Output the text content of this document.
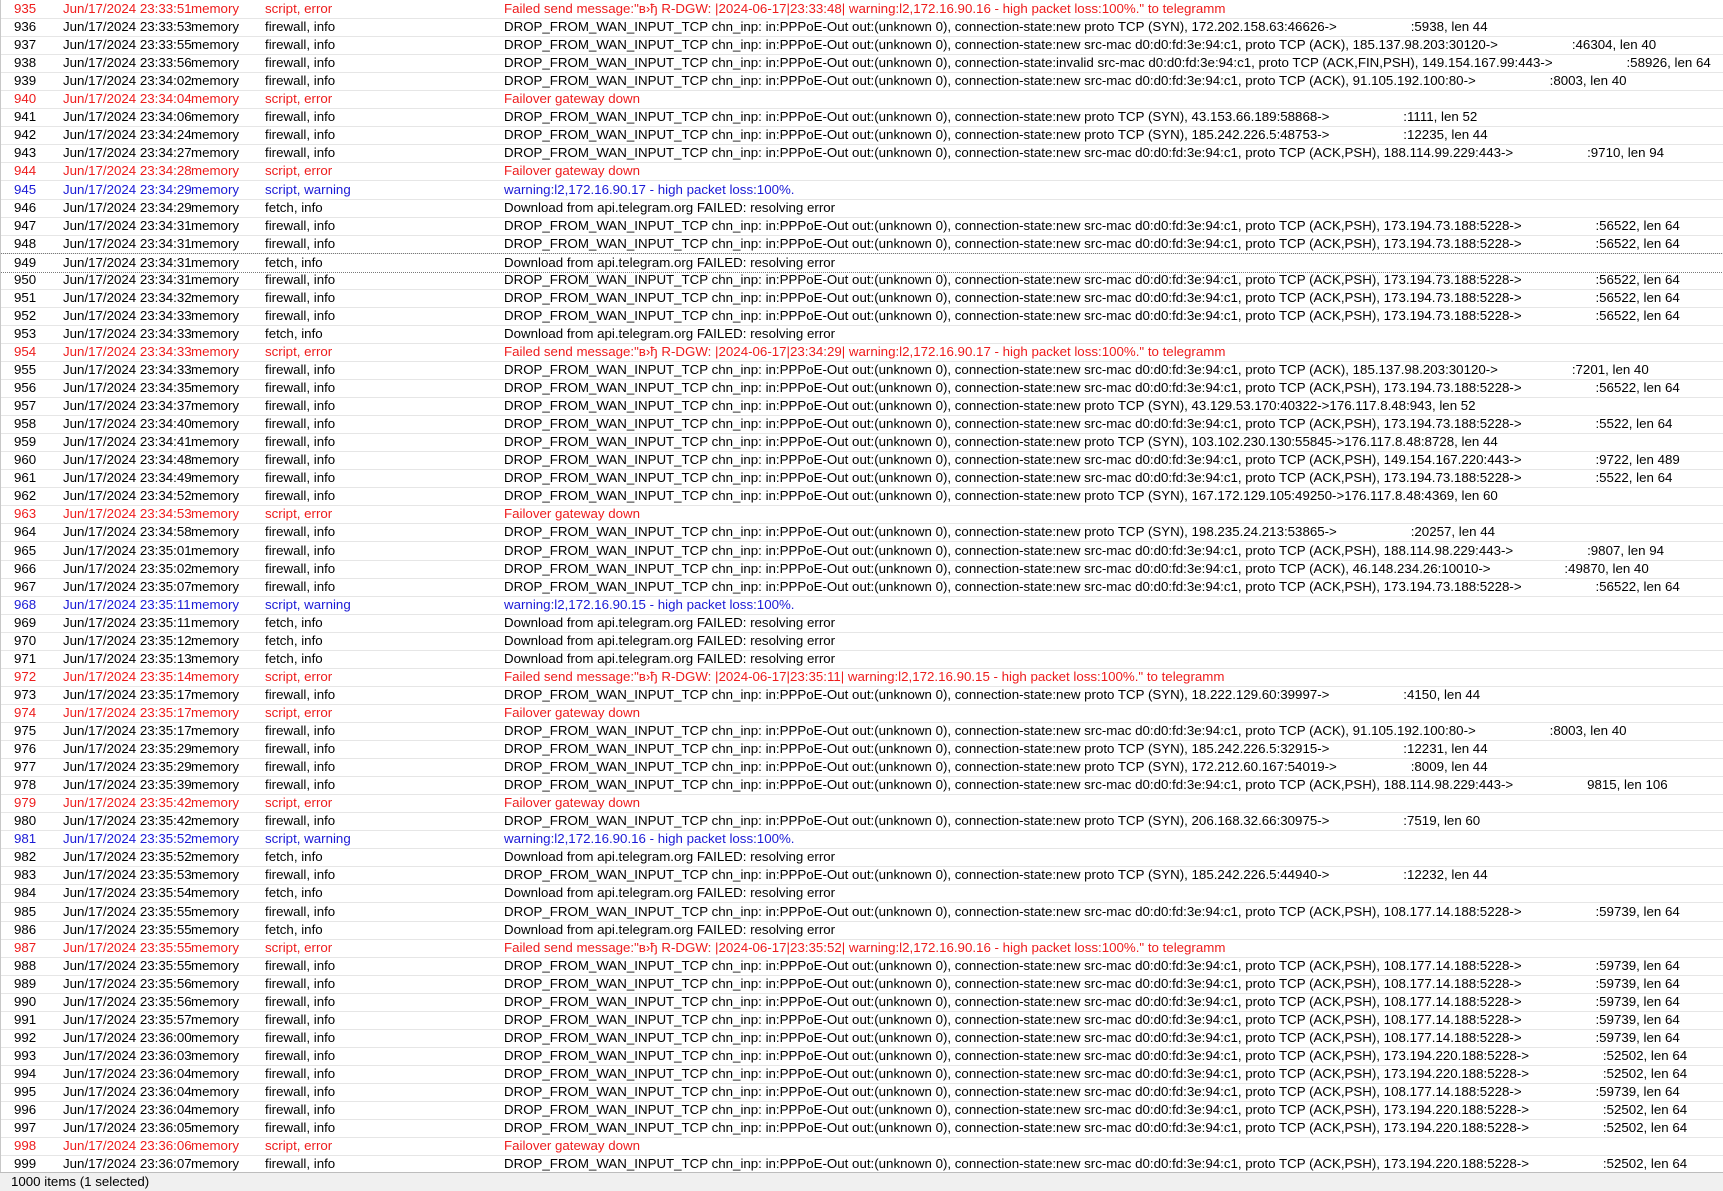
935	Jun/17/2024 23:33:51 memory	script, error	Failed send message:"в›ђ R-DGW: |2024-06-17|23:33:48| warning:l2,172.16.90.16 - high packet loss:100%." to telegramm
936	Jun/17/2024 23:33:53 memory	firewall, info	DROP_FROM_WAN_INPUT_TCP chn_inp: in:PPPoE-Out out:(unknown 0), connection-state:new proto TCP (SYN), 172.202.158.63:46626->                    :5938, len 44
937	Jun/17/2024 23:33:55 memory	firewall, info	DROP_FROM_WAN_INPUT_TCP chn_inp: in:PPPoE-Out out:(unknown 0), connection-state:new src-mac d0:d0:fd:3e:94:c1, proto TCP (ACK), 185.137.98.203:30120->                    :46304, len 40
938	Jun/17/2024 23:33:56 memory	firewall, info	DROP_FROM_WAN_INPUT_TCP chn_inp: in:PPPoE-Out out:(unknown 0), connection-state:invalid src-mac d0:d0:fd:3e:94:c1, proto TCP (ACK,FIN,PSH), 149.154.167.99:443->                    :58926, len 64
939	Jun/17/2024 23:34:02 memory	firewall, info	DROP_FROM_WAN_INPUT_TCP chn_inp: in:PPPoE-Out out:(unknown 0), connection-state:new src-mac d0:d0:fd:3e:94:c1, proto TCP (ACK), 91.105.192.100:80->                    :8003, len 40
940	Jun/17/2024 23:34:04 memory	script, error	Failover gateway down
941	Jun/17/2024 23:34:06 memory	firewall, info	DROP_FROM_WAN_INPUT_TCP chn_inp: in:PPPoE-Out out:(unknown 0), connection-state:new proto TCP (SYN), 43.153.66.189:58868->                    :1111, len 52
942	Jun/17/2024 23:34:24 memory	firewall, info	DROP_FROM_WAN_INPUT_TCP chn_inp: in:PPPoE-Out out:(unknown 0), connection-state:new proto TCP (SYN), 185.242.226.5:48753->                    :12235, len 44
943	Jun/17/2024 23:34:27 memory	firewall, info	DROP_FROM_WAN_INPUT_TCP chn_inp: in:PPPoE-Out out:(unknown 0), connection-state:new src-mac d0:d0:fd:3e:94:c1, proto TCP (ACK,PSH), 188.114.99.229:443->                    :9710, len 94
944	Jun/17/2024 23:34:28 memory	script, error	Failover gateway down
945	Jun/17/2024 23:34:29 memory	script, warning	warning:l2,172.16.90.17 - high packet loss:100%.
946	Jun/17/2024 23:34:29 memory	fetch, info	Download from api.telegram.org FAILED: resolving error
947	Jun/17/2024 23:34:31 memory	firewall, info	DROP_FROM_WAN_INPUT_TCP chn_inp: in:PPPoE-Out out:(unknown 0), connection-state:new src-mac d0:d0:fd:3e:94:c1, proto TCP (ACK,PSH), 173.194.73.188:5228->                    :56522, len 64
948	Jun/17/2024 23:34:31 memory	firewall, info	DROP_FROM_WAN_INPUT_TCP chn_inp: in:PPPoE-Out out:(unknown 0), connection-state:new src-mac d0:d0:fd:3e:94:c1, proto TCP (ACK,PSH), 173.194.73.188:5228->                    :56522, len 64
949	Jun/17/2024 23:34:31 memory	fetch, info	Download from api.telegram.org FAILED: resolving error
950	Jun/17/2024 23:34:31 memory	firewall, info	DROP_FROM_WAN_INPUT_TCP chn_inp: in:PPPoE-Out out:(unknown 0), connection-state:new src-mac d0:d0:fd:3e:94:c1, proto TCP (ACK,PSH), 173.194.73.188:5228->                    :56522, len 64
951	Jun/17/2024 23:34:32 memory	firewall, info	DROP_FROM_WAN_INPUT_TCP chn_inp: in:PPPoE-Out out:(unknown 0), connection-state:new src-mac d0:d0:fd:3e:94:c1, proto TCP (ACK,PSH), 173.194.73.188:5228->                    :56522, len 64
952	Jun/17/2024 23:34:33 memory	firewall, info	DROP_FROM_WAN_INPUT_TCP chn_inp: in:PPPoE-Out out:(unknown 0), connection-state:new src-mac d0:d0:fd:3e:94:c1, proto TCP (ACK,PSH), 173.194.73.188:5228->                    :56522, len 64
953	Jun/17/2024 23:34:33 memory	fetch, info	Download from api.telegram.org FAILED: resolving error
954	Jun/17/2024 23:34:33 memory	script, error	Failed send message:"в›ђ R-DGW: |2024-06-17|23:34:29| warning:l2,172.16.90.17 - high packet loss:100%." to telegramm
955	Jun/17/2024 23:34:33 memory	firewall, info	DROP_FROM_WAN_INPUT_TCP chn_inp: in:PPPoE-Out out:(unknown 0), connection-state:new src-mac d0:d0:fd:3e:94:c1, proto TCP (ACK), 185.137.98.203:30120->                    :7201, len 40
956	Jun/17/2024 23:34:35 memory	firewall, info	DROP_FROM_WAN_INPUT_TCP chn_inp: in:PPPoE-Out out:(unknown 0), connection-state:new src-mac d0:d0:fd:3e:94:c1, proto TCP (ACK,PSH), 173.194.73.188:5228->                    :56522, len 64
957	Jun/17/2024 23:34:37 memory	firewall, info	DROP_FROM_WAN_INPUT_TCP chn_inp: in:PPPoE-Out out:(unknown 0), connection-state:new proto TCP (SYN), 43.129.53.170:40322->176.117.8.48:943, len 52
958	Jun/17/2024 23:34:40 memory	firewall, info	DROP_FROM_WAN_INPUT_TCP chn_inp: in:PPPoE-Out out:(unknown 0), connection-state:new src-mac d0:d0:fd:3e:94:c1, proto TCP (ACK,PSH), 173.194.73.188:5228->                    :5522, len 64
959	Jun/17/2024 23:34:41 memory	firewall, info	DROP_FROM_WAN_INPUT_TCP chn_inp: in:PPPoE-Out out:(unknown 0), connection-state:new proto TCP (SYN), 103.102.230.130:55845->176.117.8.48:8728, len 44
960	Jun/17/2024 23:34:48 memory	firewall, info	DROP_FROM_WAN_INPUT_TCP chn_inp: in:PPPoE-Out out:(unknown 0), connection-state:new src-mac d0:d0:fd:3e:94:c1, proto TCP (ACK,PSH), 149.154.167.220:443->                    :9722, len 489
961	Jun/17/2024 23:34:49 memory	firewall, info	DROP_FROM_WAN_INPUT_TCP chn_inp: in:PPPoE-Out out:(unknown 0), connection-state:new src-mac d0:d0:fd:3e:94:c1, proto TCP (ACK,PSH), 173.194.73.188:5228->                    :5522, len 64
962	Jun/17/2024 23:34:52 memory	firewall, info	DROP_FROM_WAN_INPUT_TCP chn_inp: in:PPPoE-Out out:(unknown 0), connection-state:new proto TCP (SYN), 167.172.129.105:49250->176.117.8.48:4369, len 60
963	Jun/17/2024 23:34:53 memory	script, error	Failover gateway down
964	Jun/17/2024 23:34:58 memory	firewall, info	DROP_FROM_WAN_INPUT_TCP chn_inp: in:PPPoE-Out out:(unknown 0), connection-state:new proto TCP (SYN), 198.235.24.213:53865->                    :20257, len 44
965	Jun/17/2024 23:35:01 memory	firewall, info	DROP_FROM_WAN_INPUT_TCP chn_inp: in:PPPoE-Out out:(unknown 0), connection-state:new src-mac d0:d0:fd:3e:94:c1, proto TCP (ACK,PSH), 188.114.98.229:443->                    :9807, len 94
966	Jun/17/2024 23:35:02 memory	firewall, info	DROP_FROM_WAN_INPUT_TCP chn_inp: in:PPPoE-Out out:(unknown 0), connection-state:new src-mac d0:d0:fd:3e:94:c1, proto TCP (ACK), 46.148.234.26:10010->                    :49870, len 40
967	Jun/17/2024 23:35:07 memory	firewall, info	DROP_FROM_WAN_INPUT_TCP chn_inp: in:PPPoE-Out out:(unknown 0), connection-state:new src-mac d0:d0:fd:3e:94:c1, proto TCP (ACK,PSH), 173.194.73.188:5228->                    :56522, len 64
968	Jun/17/2024 23:35:11 memory	script, warning	warning:l2,172.16.90.15 - high packet loss:100%.
969	Jun/17/2024 23:35:11 memory	fetch, info	Download from api.telegram.org FAILED: resolving error
970	Jun/17/2024 23:35:12 memory	fetch, info	Download from api.telegram.org FAILED: resolving error
971	Jun/17/2024 23:35:13 memory	fetch, info	Download from api.telegram.org FAILED: resolving error
972	Jun/17/2024 23:35:14 memory	script, error	Failed send message:"в›ђ R-DGW: |2024-06-17|23:35:11| warning:l2,172.16.90.15 - high packet loss:100%." to telegramm
973	Jun/17/2024 23:35:17 memory	firewall, info	DROP_FROM_WAN_INPUT_TCP chn_inp: in:PPPoE-Out out:(unknown 0), connection-state:new proto TCP (SYN), 18.222.129.60:39997->                    :4150, len 44
974	Jun/17/2024 23:35:17 memory	script, error	Failover gateway down
975	Jun/17/2024 23:35:17 memory	firewall, info	DROP_FROM_WAN_INPUT_TCP chn_inp: in:PPPoE-Out out:(unknown 0), connection-state:new src-mac d0:d0:fd:3e:94:c1, proto TCP (ACK), 91.105.192.100:80->                    :8003, len 40
976	Jun/17/2024 23:35:29 memory	firewall, info	DROP_FROM_WAN_INPUT_TCP chn_inp: in:PPPoE-Out out:(unknown 0), connection-state:new proto TCP (SYN), 185.242.226.5:32915->                    :12231, len 44
977	Jun/17/2024 23:35:29 memory	firewall, info	DROP_FROM_WAN_INPUT_TCP chn_inp: in:PPPoE-Out out:(unknown 0), connection-state:new proto TCP (SYN), 172.212.60.167:54019->                    :8009, len 44
978	Jun/17/2024 23:35:39 memory	firewall, info	DROP_FROM_WAN_INPUT_TCP chn_inp: in:PPPoE-Out out:(unknown 0), connection-state:new src-mac d0:d0:fd:3e:94:c1, proto TCP (ACK,PSH), 188.114.98.229:443->                    9815, len 106
979	Jun/17/2024 23:35:42 memory	script, error	Failover gateway down
980	Jun/17/2024 23:35:42 memory	firewall, info	DROP_FROM_WAN_INPUT_TCP chn_inp: in:PPPoE-Out out:(unknown 0), connection-state:new proto TCP (SYN), 206.168.32.66:30975->                    :7519, len 60
981	Jun/17/2024 23:35:52 memory	script, warning	warning:l2,172.16.90.16 - high packet loss:100%.
982	Jun/17/2024 23:35:52 memory	fetch, info	Download from api.telegram.org FAILED: resolving error
983	Jun/17/2024 23:35:53 memory	firewall, info	DROP_FROM_WAN_INPUT_TCP chn_inp: in:PPPoE-Out out:(unknown 0), connection-state:new proto TCP (SYN), 185.242.226.5:44940->                    :12232, len 44
984	Jun/17/2024 23:35:54 memory	fetch, info	Download from api.telegram.org FAILED: resolving error
985	Jun/17/2024 23:35:55 memory	firewall, info	DROP_FROM_WAN_INPUT_TCP chn_inp: in:PPPoE-Out out:(unknown 0), connection-state:new src-mac d0:d0:fd:3e:94:c1, proto TCP (ACK,PSH), 108.177.14.188:5228->                    :59739, len 64
986	Jun/17/2024 23:35:55 memory	fetch, info	Download from api.telegram.org FAILED: resolving error
987	Jun/17/2024 23:35:55 memory	script, error	Failed send message:"в›ђ R-DGW: |2024-06-17|23:35:52| warning:l2,172.16.90.16 - high packet loss:100%." to telegramm
988	Jun/17/2024 23:35:55 memory	firewall, info	DROP_FROM_WAN_INPUT_TCP chn_inp: in:PPPoE-Out out:(unknown 0), connection-state:new src-mac d0:d0:fd:3e:94:c1, proto TCP (ACK,PSH), 108.177.14.188:5228->                    :59739, len 64
989	Jun/17/2024 23:35:56 memory	firewall, info	DROP_FROM_WAN_INPUT_TCP chn_inp: in:PPPoE-Out out:(unknown 0), connection-state:new src-mac d0:d0:fd:3e:94:c1, proto TCP (ACK,PSH), 108.177.14.188:5228->                    :59739, len 64
990	Jun/17/2024 23:35:56 memory	firewall, info	DROP_FROM_WAN_INPUT_TCP chn_inp: in:PPPoE-Out out:(unknown 0), connection-state:new src-mac d0:d0:fd:3e:94:c1, proto TCP (ACK,PSH), 108.177.14.188:5228->                    :59739, len 64
991	Jun/17/2024 23:35:57 memory	firewall, info	DROP_FROM_WAN_INPUT_TCP chn_inp: in:PPPoE-Out out:(unknown 0), connection-state:new src-mac d0:d0:fd:3e:94:c1, proto TCP (ACK,PSH), 108.177.14.188:5228->                    :59739, len 64
992	Jun/17/2024 23:36:00 memory	firewall, info	DROP_FROM_WAN_INPUT_TCP chn_inp: in:PPPoE-Out out:(unknown 0), connection-state:new src-mac d0:d0:fd:3e:94:c1, proto TCP (ACK,PSH), 108.177.14.188:5228->                    :59739, len 64
993	Jun/17/2024 23:36:03 memory	firewall, info	DROP_FROM_WAN_INPUT_TCP chn_inp: in:PPPoE-Out out:(unknown 0), connection-state:new src-mac d0:d0:fd:3e:94:c1, proto TCP (ACK,PSH), 173.194.220.188:5228->                    :52502, len 64
994	Jun/17/2024 23:36:04 memory	firewall, info	DROP_FROM_WAN_INPUT_TCP chn_inp: in:PPPoE-Out out:(unknown 0), connection-state:new src-mac d0:d0:fd:3e:94:c1, proto TCP (ACK,PSH), 173.194.220.188:5228->                    :52502, len 64
995	Jun/17/2024 23:36:04 memory	firewall, info	DROP_FROM_WAN_INPUT_TCP chn_inp: in:PPPoE-Out out:(unknown 0), connection-state:new src-mac d0:d0:fd:3e:94:c1, proto TCP (ACK,PSH), 108.177.14.188:5228->                    :59739, len 64
996	Jun/17/2024 23:36:04 memory	firewall, info	DROP_FROM_WAN_INPUT_TCP chn_inp: in:PPPoE-Out out:(unknown 0), connection-state:new src-mac d0:d0:fd:3e:94:c1, proto TCP (ACK,PSH), 173.194.220.188:5228->                    :52502, len 64
997	Jun/17/2024 23:36:05 memory	firewall, info	DROP_FROM_WAN_INPUT_TCP chn_inp: in:PPPoE-Out out:(unknown 0), connection-state:new src-mac d0:d0:fd:3e:94:c1, proto TCP (ACK,PSH), 173.194.220.188:5228->                    :52502, len 64
998	Jun/17/2024 23:36:06 memory	script, error	Failover gateway down
999	Jun/17/2024 23:36:07 memory	firewall, info	DROP_FROM_WAN_INPUT_TCP chn_inp: in:PPPoE-Out out:(unknown 0), connection-state:new src-mac d0:d0:fd:3e:94:c1, proto TCP (ACK,PSH), 173.194.220.188:5228->                    :52502, len 64
1000 items (1 selected)
